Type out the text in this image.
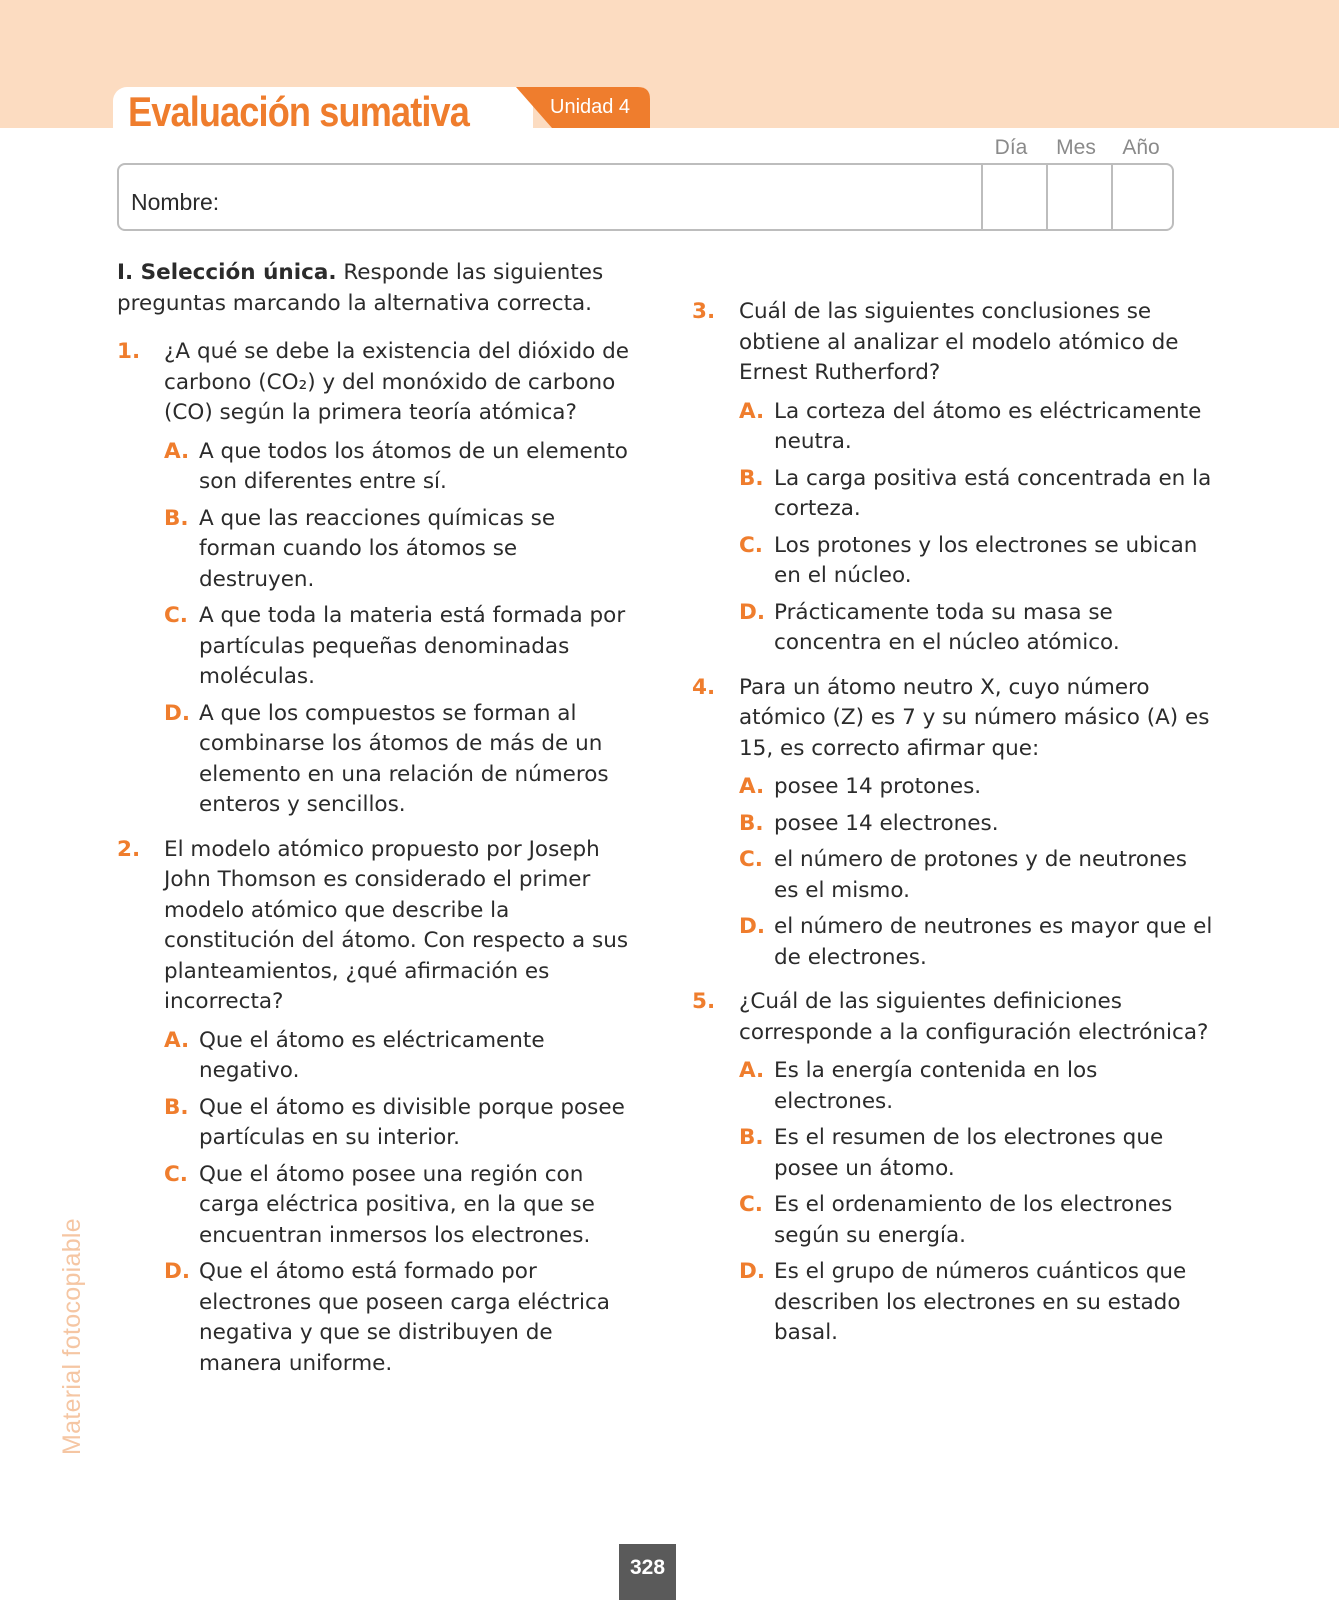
Evaluación sumativa	Unidad 4
Día	Mes	Año
Nombre:
I. Selección única. Responde las siguientes preguntas marcando la alternativa correcta.
1. ¿A qué se debe la existencia del dióxido de carbono (CO₂) y del monóxido de carbono (CO) según la primera teoría atómica?
A. A que todos los átomos de un elemento son diferentes entre sí.
B. A que las reacciones químicas se forman cuando los átomos se destruyen.
C. A que toda la materia está formada por partículas pequeñas denominadas moléculas.
D. A que los compuestos se forman al combinarse los átomos de más de un elemento en una relación de números enteros y sencillos.
2. El modelo atómico propuesto por Joseph John Thomson es considerado el primer modelo atómico que describe la constitución del átomo. Con respecto a sus planteamientos, ¿qué afirmación es incorrecta?
A. Que el átomo es eléctricamente negativo.
B. Que el átomo es divisible porque posee partículas en su interior.
C. Que el átomo posee una región con carga eléctrica positiva, en la que se encuentran inmersos los electrones.
D. Que el átomo está formado por electrones que poseen carga eléctrica negativa y que se distribuyen de manera uniforme.
3. Cuál de las siguientes conclusiones se obtiene al analizar el modelo atómico de Ernest Rutherford?
A. La corteza del átomo es eléctricamente neutra.
B. La carga positiva está concentrada en la corteza.
C. Los protones y los electrones se ubican en el núcleo.
D. Prácticamente toda su masa se concentra en el núcleo atómico.
4. Para un átomo neutro X, cuyo número atómico (Z) es 7 y su número másico (A) es 15, es correcto afirmar que:
A. posee 14 protones.
B. posee 14 electrones.
C. el número de protones y de neutrones es el mismo.
D. el número de neutrones es mayor que el de electrones.
5. ¿Cuál de las siguientes definiciones corresponde a la configuración electrónica?
A. Es la energía contenida en los electrones.
B. Es el resumen de los electrones que posee un átomo.
C. Es el ordenamiento de los electrones según su energía.
D. Es el grupo de números cuánticos que describen los electrones en su estado basal.
Material fotocopiable
328
